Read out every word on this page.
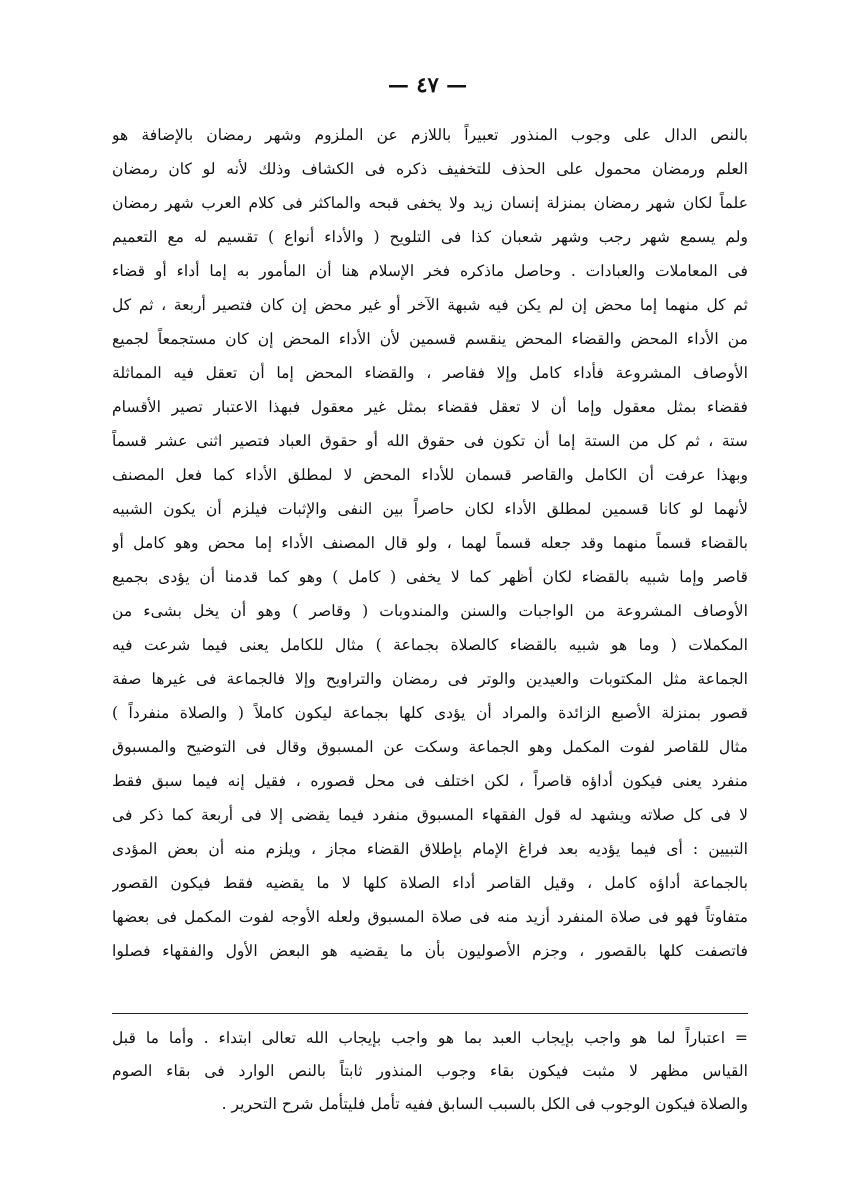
— ٤٧ —
بالنص الدال على وجوب المنذور تعبيراً باللازم عن الملزوم وشهر رمضان بالإضافة هو
العلم ورمضان محمول على الحذف للتخفيف ذكره فى الكشاف وذلك لأنه لو كان رمضان
علماً لكان شهر رمضان بمنزلة إنسان زيد ولا يخفى قبحه والماكثر فى كلام العرب شهر رمضان
ولم يسمع شهر رجب وشهر شعبان كذا فى التلويح ( والأداء أنواع ) تقسيم له مع التعميم
فى المعاملات والعبادات . وحاصل ماذكره فخر الإسلام هنا أن المأمور به إما أداء أو قضاء
ثم كل منهما إما محض إن لم يكن فيه شبهة الآخر أو غير محض إن كان فتصير أربعة ، ثم كل
من الأداء المحض والقضاء المحض ينقسم قسمين لأن الأداء المحض إن كان مستجمعاً لجميع
الأوصاف المشروعة فأداء كامل وإلا فقاصر ، والقضاء المحض إما أن تعقل فيه المماثلة
فقضاء بمثل معقول وإما أن لا تعقل فقضاء بمثل غير معقول فبهذا الاعتبار تصير الأقسام
ستة ، ثم كل من الستة إما أن تكون فى حقوق الله أو حقوق العباد فتصير اثنى عشر قسماً
وبهذا عرفت أن الكامل والقاصر قسمان للأداء المحض لا لمطلق الأداء كما فعل المصنف
لأنهما لو كانا قسمين لمطلق الأداء لكان حاصراً بين النفى والإثبات فيلزم أن يكون الشبيه
بالقضاء قسماً منهما وقد جعله قسماً لهما ، ولو قال المصنف الأداء إما محض وهو كامل أو
قاصر وإما شبيه بالقضاء لكان أظهر كما لا يخفى ( كامل ) وهو كما قدمنا أن يؤدى بجميع
الأوصاف المشروعة من الواجبات والسنن والمندوبات ( وقاصر ) وهو أن يخل بشىء من
المكملات ( وما هو شبيه بالقضاء كالصلاة بجماعة ) مثال للكامل يعنى فيما شرعت فيه
الجماعة مثل المكتوبات والعيدين والوتر فى رمضان والتراويح وإلا فالجماعة فى غيرها صفة
قصور بمنزلة الأصبع الزائدة والمراد أن يؤدى كلها بجماعة ليكون كاملاً ( والصلاة منفرداً )
مثال للقاصر لفوت المكمل وهو الجماعة وسكت عن المسبوق وقال فى التوضيح والمسبوق
منفرد يعنى فيكون أداؤه قاصراً ، لكن اختلف فى محل قصوره ، فقيل إنه فيما سبق فقط
لا فى كل صلاته ويشهد له قول الفقهاء المسبوق منفرد فيما يقضى إلا فى أربعة كما ذكر فى
التبيين : أى فيما يؤديه بعد فراغ الإمام بإطلاق القضاء مجاز ، ويلزم منه أن بعض المؤدى
بالجماعة أداؤه كامل ، وقيل القاصر أداء الصلاة كلها لا ما يقضيه فقط فيكون القصور
متفاوتاً فهو فى صلاة المنفرد أزيد منه فى صلاة المسبوق ولعله الأوجه لفوت المكمل فى بعضها
فاتصفت كلها بالقصور ، وجزم الأصوليون بأن ما يقضيه هو البعض الأول والفقهاء فصلوا
= اعتباراً لما هو واجب بإيجاب العبد بما هو واجب بإيجاب الله تعالى ابتداء . وأما ما قبل
القياس مظهر لا مثبت فيكون بقاء وجوب المنذور ثابتاً بالنص الوارد فى بقاء الصوم
والصلاة فيكون الوجوب فى الكل بالسبب السابق ففيه تأمل فليتأمل شرح التحرير .
